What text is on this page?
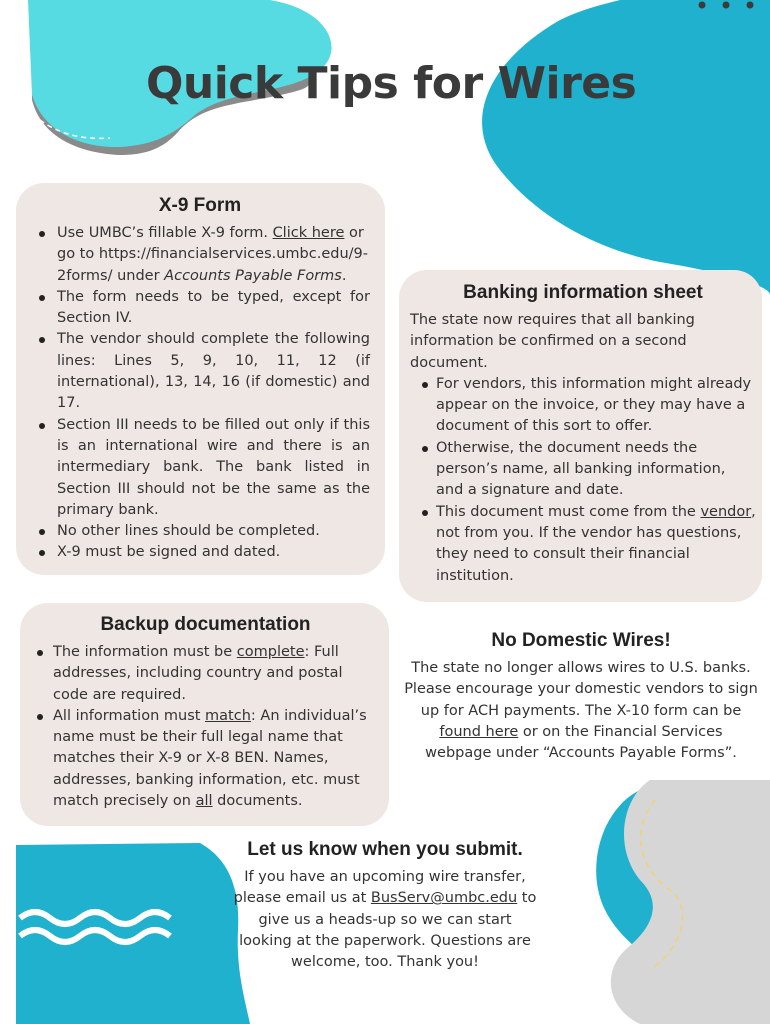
Quick Tips for Wires
X-9 Form
Use UMBC’s fillable X-9 form. Click here or go to https://financialservices.umbc.edu/9-2forms/ under Accounts Payable Forms.
The form needs to be typed, except for Section IV.
The vendor should complete the following lines: Lines 5, 9, 10, 11, 12 (if international), 13, 14, 16 (if domestic) and 17.
Section III needs to be filled out only if this is an international wire and there is an intermediary bank. The bank listed in Section III should not be the same as the primary bank.
No other lines should be completed.
X-9 must be signed and dated.
Banking information sheet

The state now requires that all banking information be confirmed on a second document.

For vendors, this information might already appear on the invoice, or they may have a document of this sort to offer.
Otherwise, the document needs the person’s name, all banking information, and a signature and date.
This document must come from the vendor, not from you. If the vendor has questions, they need to consult their financial institution.
Backup documentation
The information must be complete: Full addresses, including country and postal code are required.
All information must match: An individual’s name must be their full legal name that matches their X-9 or X-8 BEN. Names, addresses, banking information, etc. must match precisely on all documents.
No Domestic Wires!

The state no longer allows wires to U.S. banks. Please encourage your domestic vendors to sign up for ACH payments. The X-10 form can be found here or on the Financial Services webpage under “Accounts Payable Forms”.

Let us know when you submit.

If you have an upcoming wire transfer, please email us at BusServ@umbc.edu to give us a heads-up so we can start looking at the paperwork. Questions are welcome, too. Thank you!
